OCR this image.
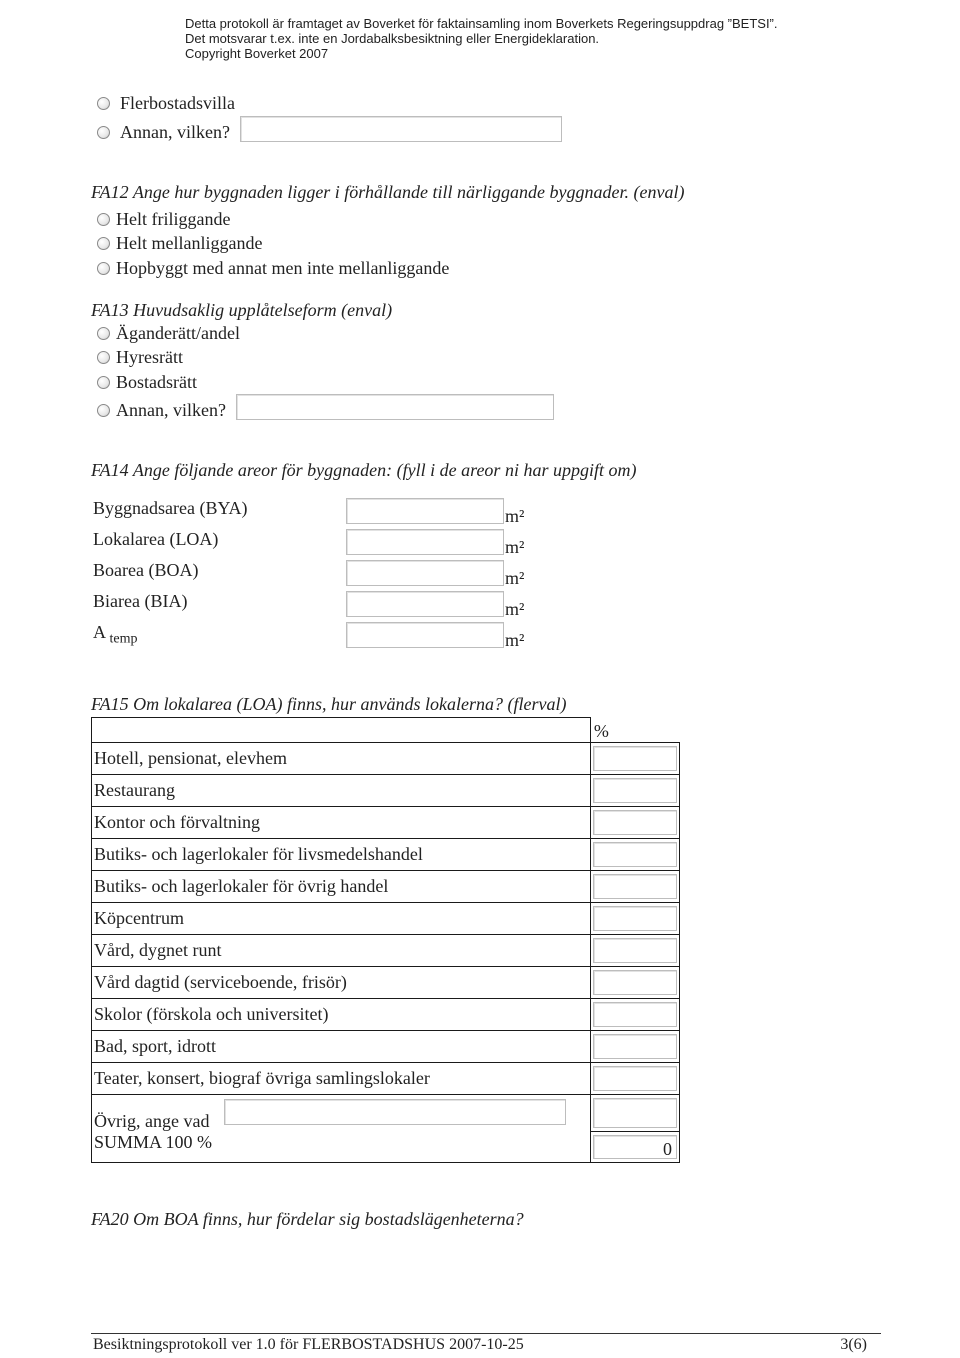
Detta protokoll är framtaget av Boverket för faktainsamling inom Boverkets Regeringsuppdrag ”BETSI”.
Det motsvarar t.ex. inte en Jordabalksbesiktning eller Energideklaration.
Copyright Boverket 2007
Flerbostadsvilla
Annan, vilken?
FA12 Ange hur byggnaden ligger i förhållande till närliggande byggnader. (enval)
Helt friliggande
Helt mellanliggande
Hopbyggt med annat men inte mellanliggande
FA13 Huvudsaklig upplåtelseform (enval)
Äganderätt/andel
Hyresrätt
Bostadsrätt
Annan, vilken?
FA14 Ange följande areor för byggnaden: (fyll i de areor ni har uppgift om)
Byggnadsarea (BYA)	m²
Lokalarea (LOA)	m²
Boarea (BOA)	m²
Biarea (BIA)	m²
A $_{temp}$	m²
FA15 Om lokalarea (LOA) finns, hur används lokalerna? (flerval)
	%
Hotell, pensionat, elevhem	

Restaurang	

Kontor och förvaltning	

Butiks- och lagerlokaler för livsmedelshandel	

Butiks- och lagerlokaler för övrig handel	

Köpcentrum	

Vård, dygnet runt	

Vård dagtid (serviceboende, frisör)	

Skolor (förskola och universitet)	

Bad, sport, idrott	

Teater, konsert, biograf övriga samlingslokaler	

Övrig, ange vad

SUMMA 100 %	0
FA20 Om BOA finns, hur fördelar sig bostadslägenheterna?
Besiktningsprotokoll ver 1.0 för FLERBOSTADSHUS 2007-10-25	3(6)
